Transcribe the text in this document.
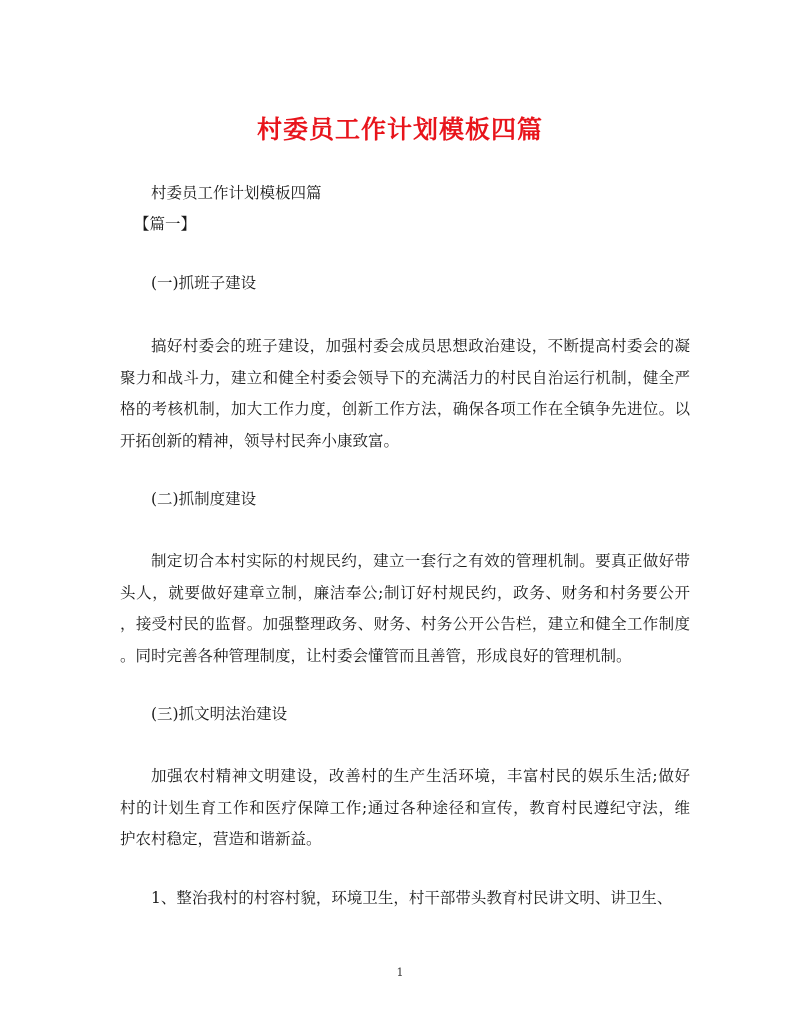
村委员工作计划模板四篇
村委员工作计划模板四篇
【篇一】
(一)抓班子建设
搞好村委会的班子建设，加强村委会成员思想政治建设，不断提高村委会的凝
聚力和战斗力，建立和健全村委会领导下的充满活力的村民自治运行机制，健全严
格的考核机制，加大工作力度，创新工作方法，确保各项工作在全镇争先进位。以
开拓创新的精神，领导村民奔小康致富。
(二)抓制度建设
制定切合本村实际的村规民约，建立一套行之有效的管理机制。要真正做好带
头人，就要做好建章立制，廉洁奉公;制订好村规民约，政务、财务和村务要公开
，接受村民的监督。加强整理政务、财务、村务公开公告栏，建立和健全工作制度
。同时完善各种管理制度，让村委会懂管而且善管，形成良好的管理机制。
(三)抓文明法治建设
加强农村精神文明建设，改善村的生产生活环境，丰富村民的娱乐生活;做好
村的计划生育工作和医疗保障工作;通过各种途径和宣传，教育村民遵纪守法，维
护农村稳定，营造和谐新益。
1、整治我村的村容村貌，环境卫生，村干部带头教育村民讲文明、讲卫生、
1
